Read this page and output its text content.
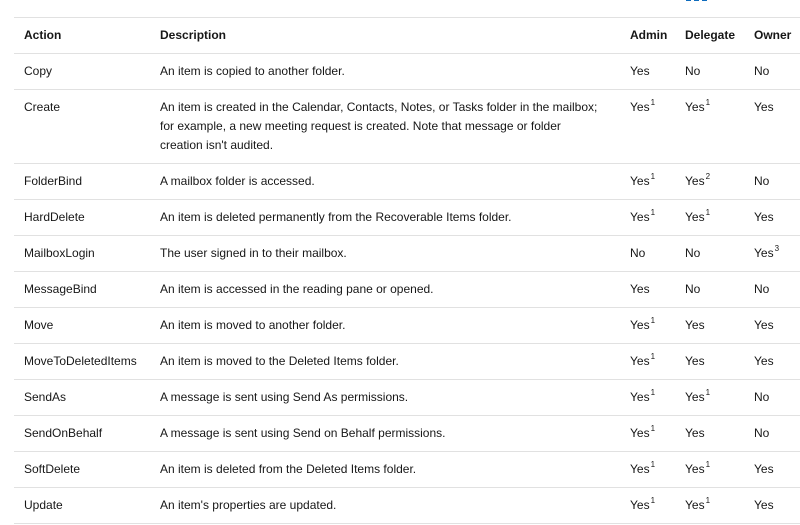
Action	Description	Admin	Delegate	Owner
Copy	An item is copied to another folder.	Yes	No	No
Create	An item is created in the Calendar, Contacts, Notes, or Tasks folder in the mailbox; for example, a new meeting request is created. Note that message or folder creation isn't audited.	Yes$^1$	Yes$^1$	Yes
FolderBind	A mailbox folder is accessed.	Yes$^1$	Yes$^2$	No
HardDelete	An item is deleted permanently from the Recoverable Items folder.	Yes$^1$	Yes$^1$	Yes
MailboxLogin	The user signed in to their mailbox.	No	No	Yes$^3$
MessageBind	An item is accessed in the reading pane or opened.	Yes	No	No
Move	An item is moved to another folder.	Yes$^1$	Yes	Yes
MoveToDeletedItems	An item is moved to the Deleted Items folder.	Yes$^1$	Yes	Yes
SendAs	A message is sent using Send As permissions.	Yes$^1$	Yes$^1$	No
SendOnBehalf	A message is sent using Send on Behalf permissions.	Yes$^1$	Yes	No
SoftDelete	An item is deleted from the Deleted Items folder.	Yes$^1$	Yes$^1$	Yes
Update	An item's properties are updated.	Yes$^1$	Yes$^1$	Yes
